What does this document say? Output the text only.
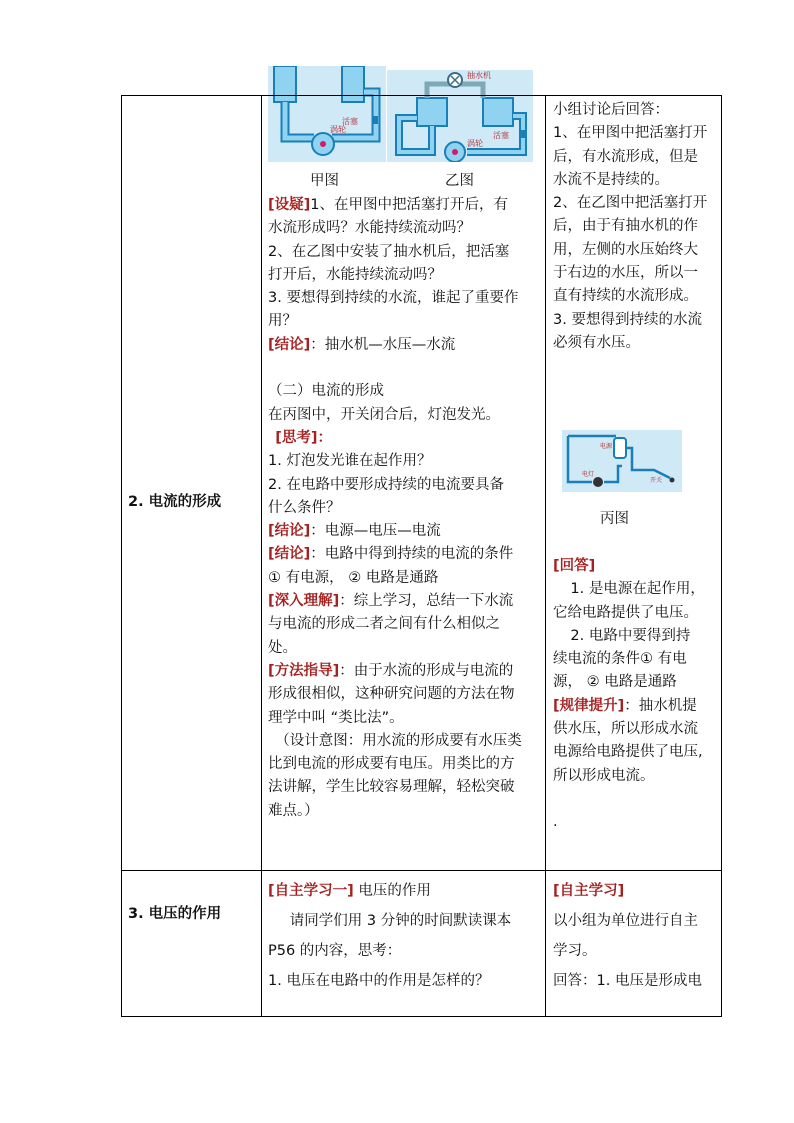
活塞
涡轮
抽水机
活塞
涡轮
2. 电流的形成
甲图	乙图

[设疑]1、在甲图中把活塞打开后，有

水流形成吗？水能持续流动吗？

2、在乙图中安装了抽水机后，把活塞

打开后，水能持续流动吗？

3. 要想得到持续的水流，谁起了重要作

用？

[结论]：抽水机—水压—水流

（二）电流的形成

在丙图中，开关闭合后，灯泡发光。

[思考]：

1. 灯泡发光谁在起作用？

2. 在电路中要形成持续的电流要具备

什么条件？

[结论]：电源—电压—电流

[结论]：电路中得到持续的电流的条件

① 有电源， ② 电路是通路

[深入理解]：综上学习，总结一下水流

与电流的形成二者之间有什么相似之

处。

[方法指导]：由于水流的形成与电流的

形成很相似，这种研究问题的方法在物

理学中叫 “类比法”。

（设计意图：用水流的形成要有水压类

比到电流的形成要有电压。用类比的方

法讲解，学生比较容易理解，轻松突破

难点。）

小组讨论后回答：

1、在甲图中把活塞打开

后，有水流形成，但是

水流不是持续的。

2、在乙图中把活塞打开

后，由于有抽水机的作

用，左侧的水压始终大

于右边的水压，所以一

直有持续的水流形成。

3. 要想得到持续的水流

必须有水压。

电源
电灯
开关
丙图

[回答]

1. 是电源在起作用，

它给电路提供了电压。

2. 电路中要得到持

续电流的条件① 有电

源， ② 电路是通路

[规律提升]：抽水机提

供水压，所以形成水流

电源给电路提供了电压,

所以形成电流。

.

3. 电压的作用

[自主学习一] 电压的作用

请同学们用 3 分钟的时间默读课本

P56 的内容，思考：

1. 电压在电路中的作用是怎样的？

[自主学习]

以小组为单位进行自主

学习。

回答：1. 电压是形成电
